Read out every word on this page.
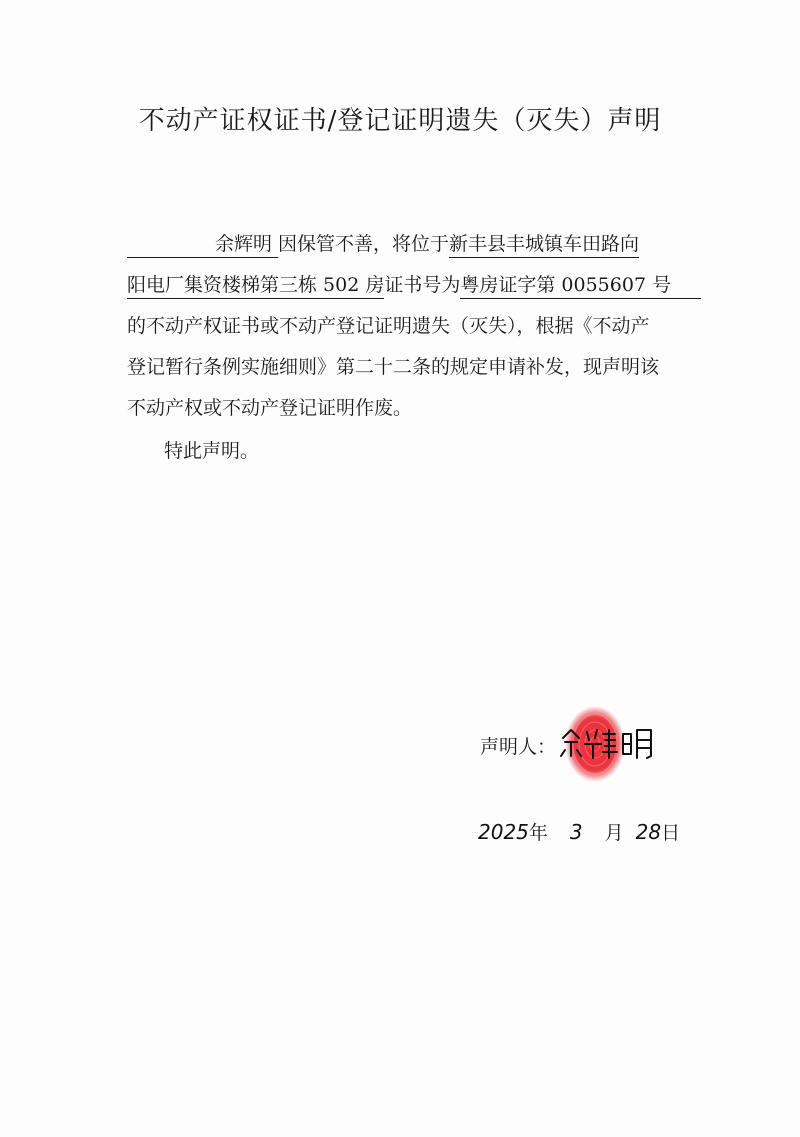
不动产证权证书/登记证明遗失（灭失）声明
余辉明 因保管不善，将位于新丰县丰城镇车田路向
阳电厂集资楼梯第三栋 502 房证书号为粤房证字第 0055607 号
的不动产权证书或不动产登记证明遗失（灭失），根据《不动产
登记暂行条例实施细则》第二十二条的规定申请补发，现声明该
不动产权或不动产登记证明作废。
特此声明。
声明人：
2025年 3 月 28日
